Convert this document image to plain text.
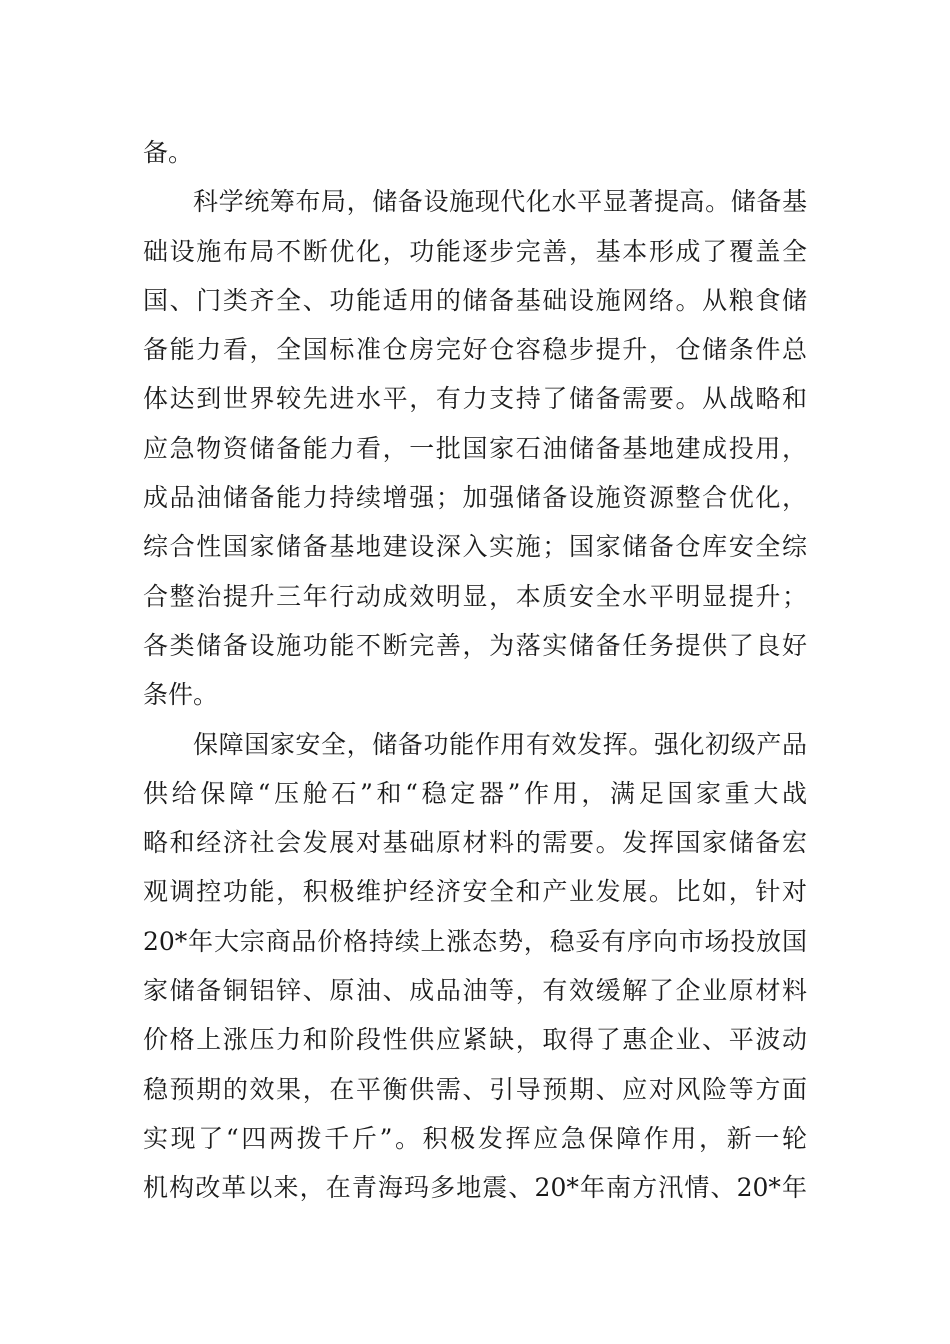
备。
科学统筹布局，储备设施现代化水平显著提高。储备基
础设施布局不断优化，功能逐步完善，基本形成了覆盖全
国、门类齐全、功能适用的储备基础设施网络。从粮食储
备能力看，全国标准仓房完好仓容稳步提升，仓储条件总
体达到世界较先进水平，有力支持了储备需要。从战略和
应急物资储备能力看，一批国家石油储备基地建成投用，
成品油储备能力持续增强；加强储备设施资源整合优化，
综合性国家储备基地建设深入实施；国家储备仓库安全综
合整治提升三年行动成效明显，本质安全水平明显提升；
各类储备设施功能不断完善，为落实储备任务提供了良好
条件。
保障国家安全，储备功能作用有效发挥。强化初级产品
供给保障“压舱石”和“稳定器”作用，满足国家重大战
略和经济社会发展对基础原材料的需要。发挥国家储备宏
观调控功能，积极维护经济安全和产业发展。比如，针对
20*年大宗商品价格持续上涨态势，稳妥有序向市场投放国
家储备铜铝锌、原油、成品油等，有效缓解了企业原材料
价格上涨压力和阶段性供应紧缺，取得了惠企业、平波动
稳预期的效果，在平衡供需、引导预期、应对风险等方面
实现了“四两拨千斤”。积极发挥应急保障作用，新一轮
机构改革以来，在青海玛多地震、20*年南方汛情、20*年
